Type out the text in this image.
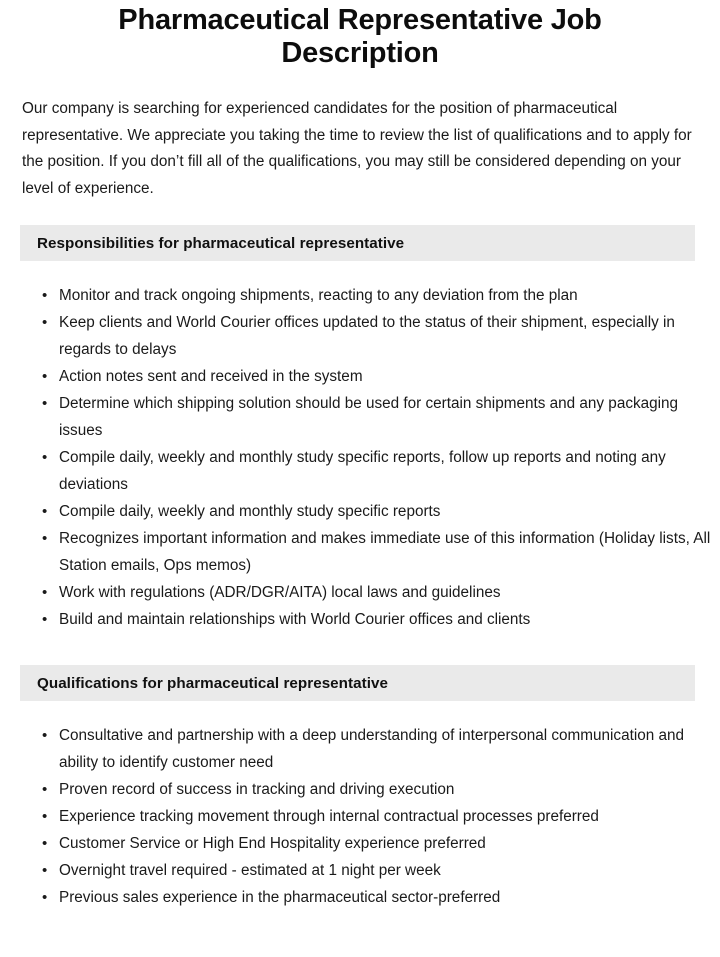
Pharmaceutical Representative Job Description

Our company is searching for experienced candidates for the position of pharmaceutical representative. We appreciate you taking the time to review the list of qualifications and to apply for the position. If you don’t fill all of the qualifications, you may still be considered depending on your level of experience.

Responsibilities for pharmaceutical representative
• Monitor and track ongoing shipments, reacting to any deviation from the plan
• Keep clients and World Courier offices updated to the status of their shipment, especially in regards to delays
• Action notes sent and received in the system
• Determine which shipping solution should be used for certain shipments and any packaging issues
• Compile daily, weekly and monthly study specific reports, follow up reports and noting any deviations
• Compile daily, weekly and monthly study specific reports
• Recognizes important information and makes immediate use of this information (Holiday lists, All Station emails, Ops memos)
• Work with regulations (ADR/DGR/AITA) local laws and guidelines
• Build and maintain relationships with World Courier offices and clients
Qualifications for pharmaceutical representative
• Consultative and partnership with a deep understanding of interpersonal communication and ability to identify customer need
• Proven record of success in tracking and driving execution
• Experience tracking movement through internal contractual processes preferred
• Customer Service or High End Hospitality experience preferred
• Overnight travel required - estimated at 1 night per week
• Previous sales experience in the pharmaceutical sector-preferred
